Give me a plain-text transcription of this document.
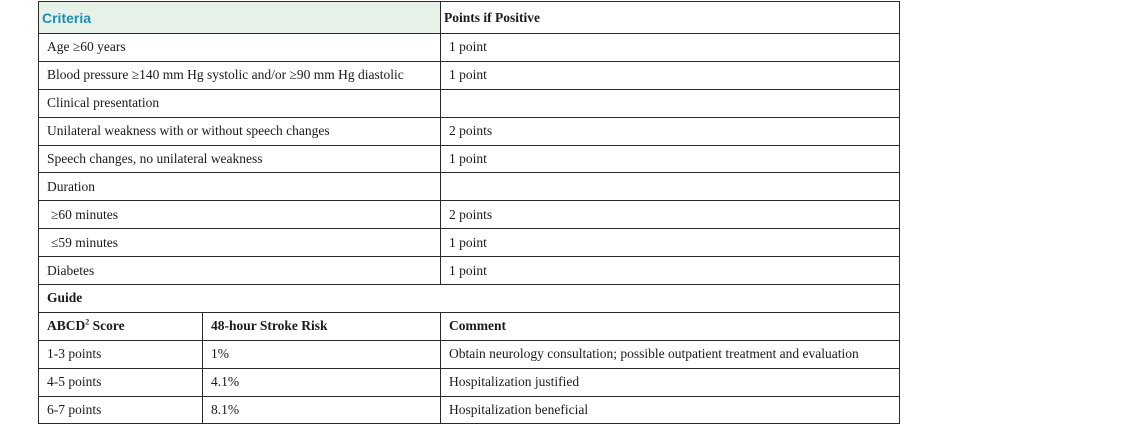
Criteria		Points if Positive
Age ≥60 years		1 point
Blood pressure ≥140 mm Hg systolic and/or ≥90 mm Hg diastolic		1 point
Clinical presentation		
Unilateral weakness with or without speech changes		2 points
Speech changes, no unilateral weakness		1 point
Duration		
≥60 minutes		2 points
≤59 minutes		1 point
Diabetes		1 point
Guide		
ABCD$^2$ Score	48-hour Stroke Risk	Comment
1-3 points	1%	Obtain neurology consultation; possible outpatient treatment and evaluation
4-5 points	4.1%	Hospitalization justified
6-7 points	8.1%	Hospitalization beneficial
